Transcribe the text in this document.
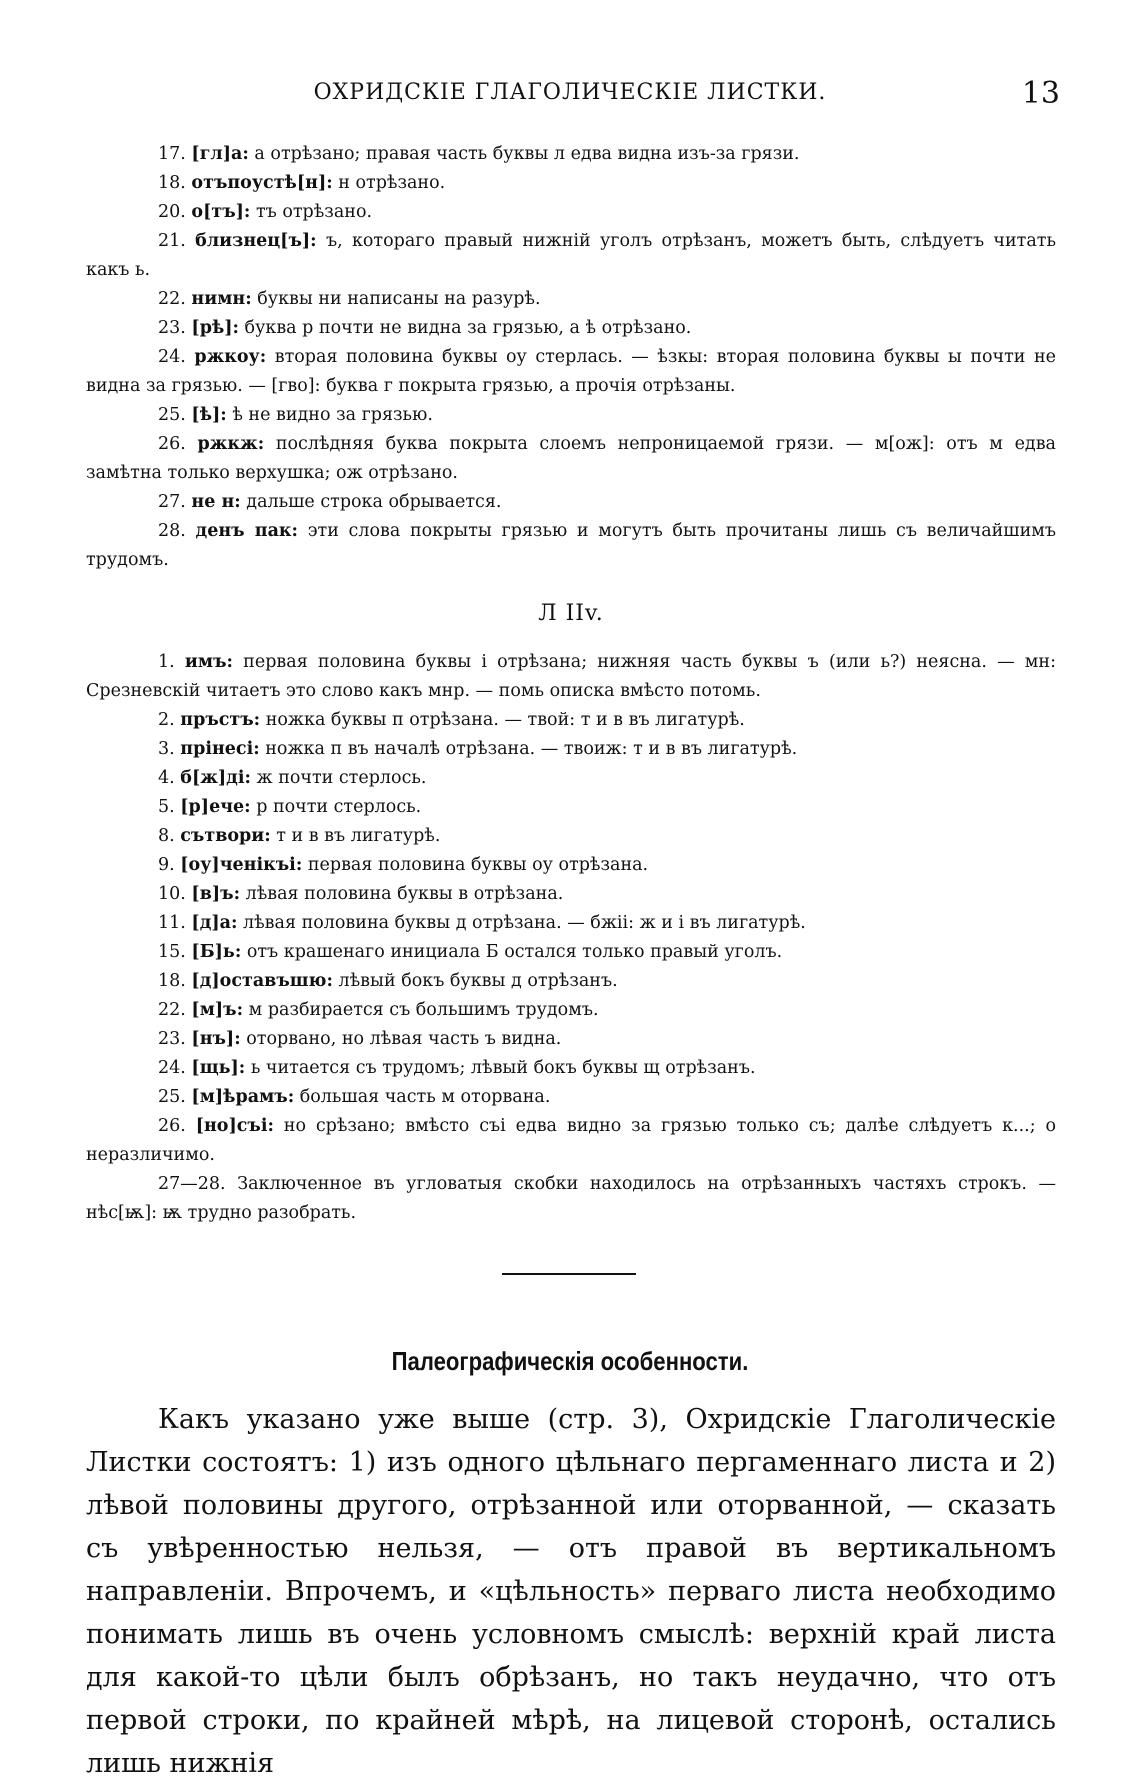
ОХРИДСКІЕ ГЛАГОЛИЧЕСКІЕ ЛИСТКИ.	13
17. [гл]а: а отрѣзано; правая часть буквы л едва видна изъ-за грязи.
18. отъпоустѣ[н]: н отрѣзано.
20. о[тъ]: тъ отрѣзано.
21. близнец[ъ]: ъ, котораго правый нижній уголъ отрѣзанъ, можетъ быть, слѣдуетъ читать какъ ь.
22. нимн: буквы ни написаны на разурѣ.
23. [рѣ]: буква р почти не видна за грязью, а ѣ отрѣзано.
24. ржкоу: вторая половина буквы оу стерлась. — ѣзкы: вторая половина буквы ы почти не видна за грязью. — [гво]: буква г покрыта грязью, а прочія отрѣзаны.
25. [ѣ]: ѣ не видно за грязью.
26. ржкж: послѣдняя буква покрыта слоемъ непроницаемой грязи. — м[ож]: отъ м едва замѣтна только верхушка; ож отрѣзано.
27. не н: дальше строка обрывается.
28. денъ пак: эти слова покрыты грязью и могутъ быть прочитаны лишь съ величайшимъ трудомъ.
Л IIv.
1. имъ: первая половина буквы і отрѣзана; нижняя часть буквы ъ (или ь?) неясна. — мн: Срезневскій читаетъ это слово какъ мнр. — помь описка вмѣсто потомь.
2. пръстъ: ножка буквы п отрѣзана. — твой: т и в въ лигатурѣ.
3. прінесі: ножка п въ началѣ отрѣзана. — твоиж: т и в въ лигатурѣ.
4. б[ж]ді: ж почти стерлось.
5. [р]ече: р почти стерлось.
8. сътвори: т и в въ лигатурѣ.
9. [оу]ченікъі: первая половина буквы оу отрѣзана.
10. [в]ъ: лѣвая половина буквы в отрѣзана.
11. [д]а: лѣвая половина буквы д отрѣзана. — бжіі: ж и і въ лигатурѣ.
15. [Б]ь: отъ крашенаго инициала Б остался только правый уголъ.
18. [д]оставъшю: лѣвый бокъ буквы д отрѣзанъ.
22. [м]ъ: м разбирается съ большимъ трудомъ.
23. [нъ]: оторвано, но лѣвая часть ъ видна.
24. [щь]: ь читается съ трудомъ; лѣвый бокъ буквы щ отрѣзанъ.
25. [м]ѣрамъ: большая часть м оторвана.
26. [но]съі: но срѣзано; вмѣсто съі едва видно за грязью только съ; далѣе слѣдуетъ к...; о неразличимо.
27—28. Заключенное въ угловатыя скобки находилось на отрѣзанныхъ частяхъ строкъ. — нѣс[ѭ]: ѭ трудно разобрать.
Палеографическія особенности.

Какъ указано уже выше (стр. 3), Охридскіе Глаголическіе Листки состоятъ: 1) изъ одного цѣльнаго пергаменнаго листа и 2) лѣвой половины другого, отрѣзанной или оторванной, — сказать съ увѣренностью нельзя, — отъ правой въ вертикальномъ направленіи. Впрочемъ, и «цѣльность» перваго листа необходимо понимать лишь въ очень условномъ смыслѣ: верхній край листа для какой-то цѣли былъ обрѣзанъ, но такъ неудачно, что отъ первой строки, по крайней мѣрѣ, на лицевой сторонѣ, остались лишь нижнія
